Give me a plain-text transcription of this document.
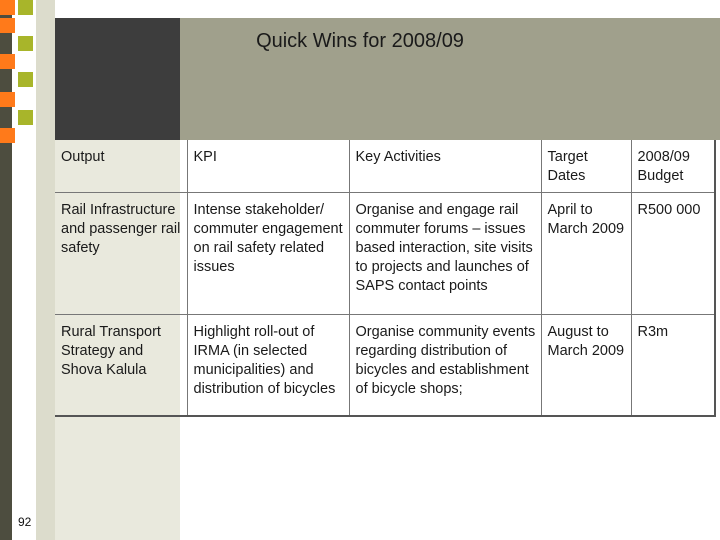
Quick Wins for 2008/09
Output	KPI	Key Activities	Target Dates	2008/09 Budget
Rail Infrastructure and passenger rail safety	Intense stakeholder/ commuter engagement on rail safety related issues	Organise and engage rail commuter forums – issues based interaction, site visits to projects and launches of SAPS contact points	April to March 2009	R500 000
Rural Transport Strategy and Shova Kalula	Highlight roll-out of IRMA (in selected municipalities) and distribution of bicycles	Organise community events regarding distribution of bicycles and establishment of bicycle shops;	August to March 2009	R3m
92
